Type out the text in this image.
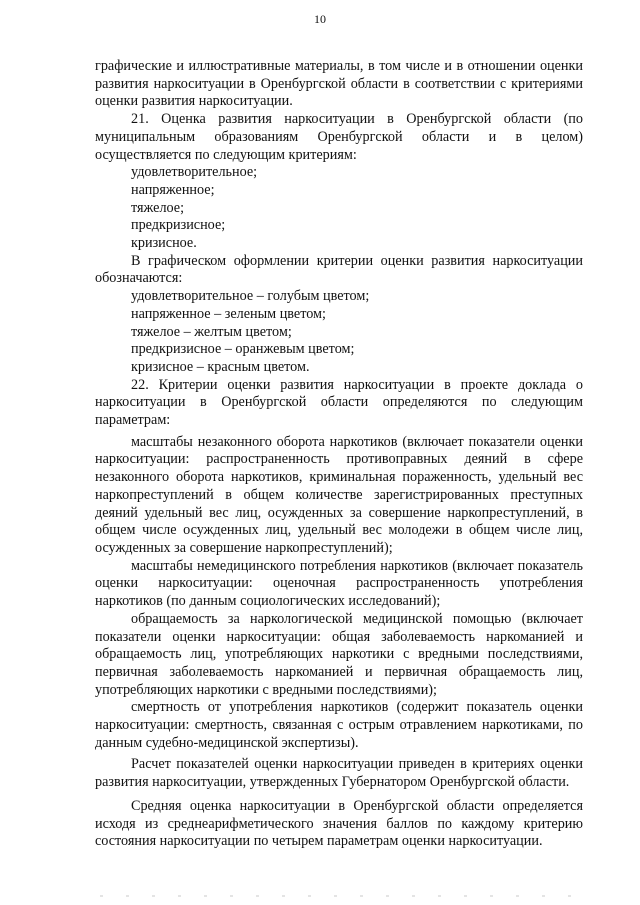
10

графические и иллюстративные материалы, в том числе и в отношении оценки развития наркоситуации в Оренбургской области в соответствии с критериями оценки развития наркоситуации.

21. Оценка развития наркоситуации в Оренбургской области (по муниципальным образованиям Оренбургской области и в целом) осуществляется по следующим критериям:

удовлетворительное;

напряженное;

тяжелое;

предкризисное;

кризисное.

В графическом оформлении критерии оценки развития наркоситуации обозначаются:

удовлетворительное – голубым цветом;

напряженное – зеленым цветом;

тяжелое – желтым цветом;

предкризисное – оранжевым цветом;

кризисное – красным цветом.

22. Критерии оценки развития наркоситуации в проекте доклада о наркоситуации в Оренбургской области определяются по следующим параметрам:

масштабы незаконного оборота наркотиков (включает показатели оценки наркоситуации: распространенность противоправных деяний в сфере незаконного оборота наркотиков, криминальная пораженность, удельный вес наркопреступлений в общем количестве зарегистрированных преступных деяний удельный вес лиц, осужденных за совершение наркопреступлений, в общем числе осужденных лиц, удельный вес молодежи в общем числе лиц, осужденных за совершение наркопреступлений);

масштабы немедицинского потребления наркотиков (включает показатель оценки наркоситуации: оценочная распространенность употребления наркотиков (по данным социологических исследований);

обращаемость за наркологической медицинской помощью (включает показатели оценки наркоситуации: общая заболеваемость наркоманией и обращаемость лиц, употребляющих наркотики с вредными последствиями, первичная заболеваемость наркоманией и первичная обращаемость лиц, употребляющих наркотики с вредными последствиями);

смертность от употребления наркотиков (содержит показатель оценки наркоситуации: смертность, связанная с острым отравлением наркотиками, по данным судебно-медицинской экспертизы).

Расчет показателей оценки наркоситуации приведен в критериях оценки развития наркоситуации, утвержденных Губернатором Оренбургской области.

Средняя оценка наркоситуации в Оренбургской области определяется исходя из среднеарифметического значения баллов по каждому критерию состояния наркоситуации по четырем параметрам оценки наркоситуации.
